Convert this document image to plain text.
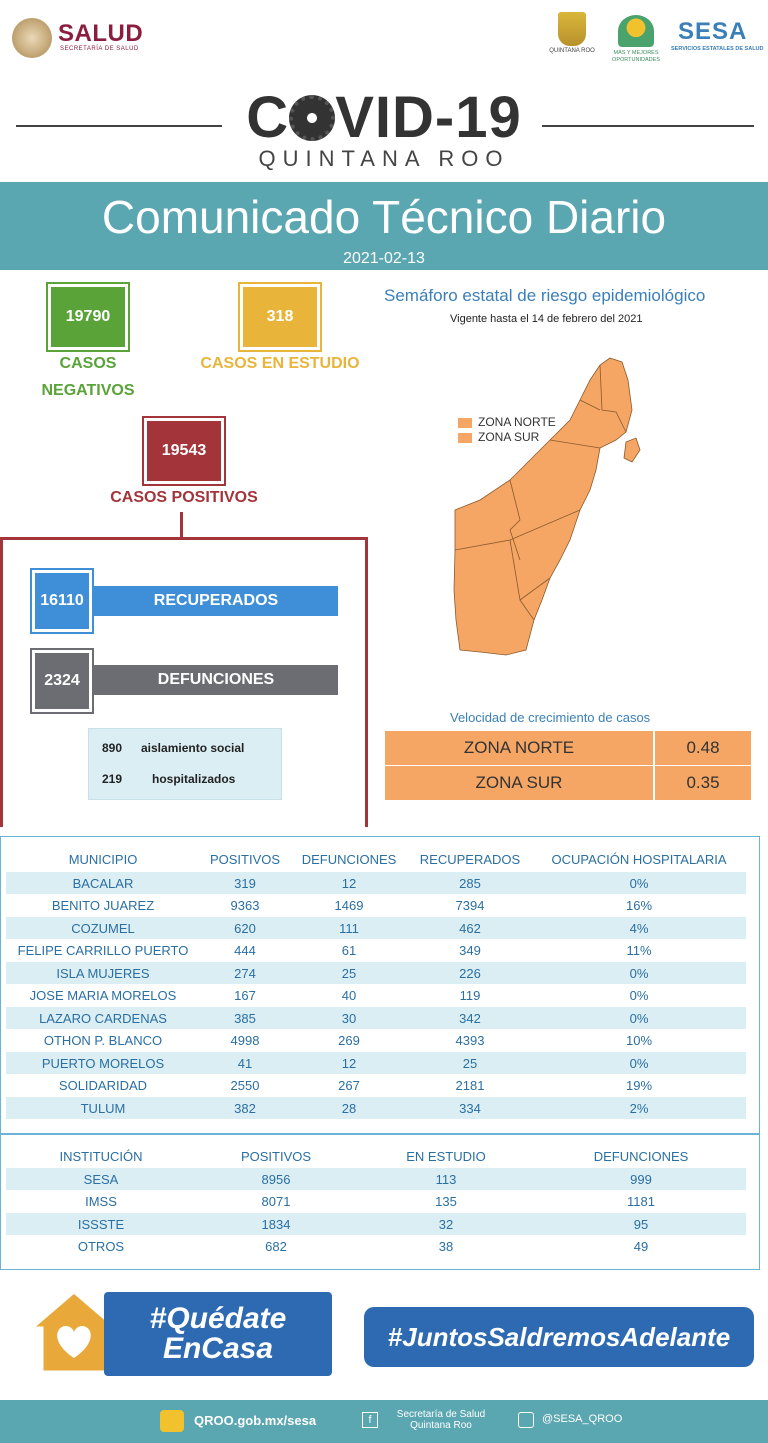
SALUD
SECRETARÍA DE SALUD	QUINTANA ROO	MÁS Y MEJORES OPORTUNIDADES
SESA
SERVICIOS ESTATALES DE SALUD
C VID-19
QUINTANA ROO
Comunicado Técnico Diario
2021-02-13
19790
CASOS
NEGATIVOS
318
CASOS EN ESTUDIO
19543
CASOS POSITIVOS
16110	RECUPERADOS
2324	DEFUNCIONES
890 aislamiento social
219 hospitalizados
Semáforo estatal de riesgo epidemiológico
Vigente hasta el 14 de febrero del 2021
ZONA NORTE
ZONA SUR
Velocidad de crecimiento de casos
ZONA NORTE	0.48
ZONA SUR	0.35
MUNICIPIO	POSITIVOS	DEFUNCIONES	RECUPERADOS	OCUPACIÓN HOSPITALARIA
BACALAR	319	12	285	0%
BENITO JUAREZ	9363	1469	7394	16%
COZUMEL	620	111	462	4%
FELIPE CARRILLO PUERTO	444	61	349	11%
ISLA MUJERES	274	25	226	0%
JOSE MARIA MORELOS	167	40	119	0%
LAZARO CARDENAS	385	30	342	0%
OTHON P. BLANCO	4998	269	4393	10%
PUERTO MORELOS	41	12	25	0%
SOLIDARIDAD	2550	267	2181	19%
TULUM	382	28	334	2%
INSTITUCIÓN	POSITIVOS	EN ESTUDIO	DEFUNCIONES
SESA	8956	113	999
IMSS	8071	135	1181
ISSSTE	1834	32	95
OTROS	682	38	49
#Quédate
EnCasa	#JuntosSaldremosAdelante
QROO.gob.mx/sesa	f	Secretaría de Salud Quintana Roo
@SESA_QROO
